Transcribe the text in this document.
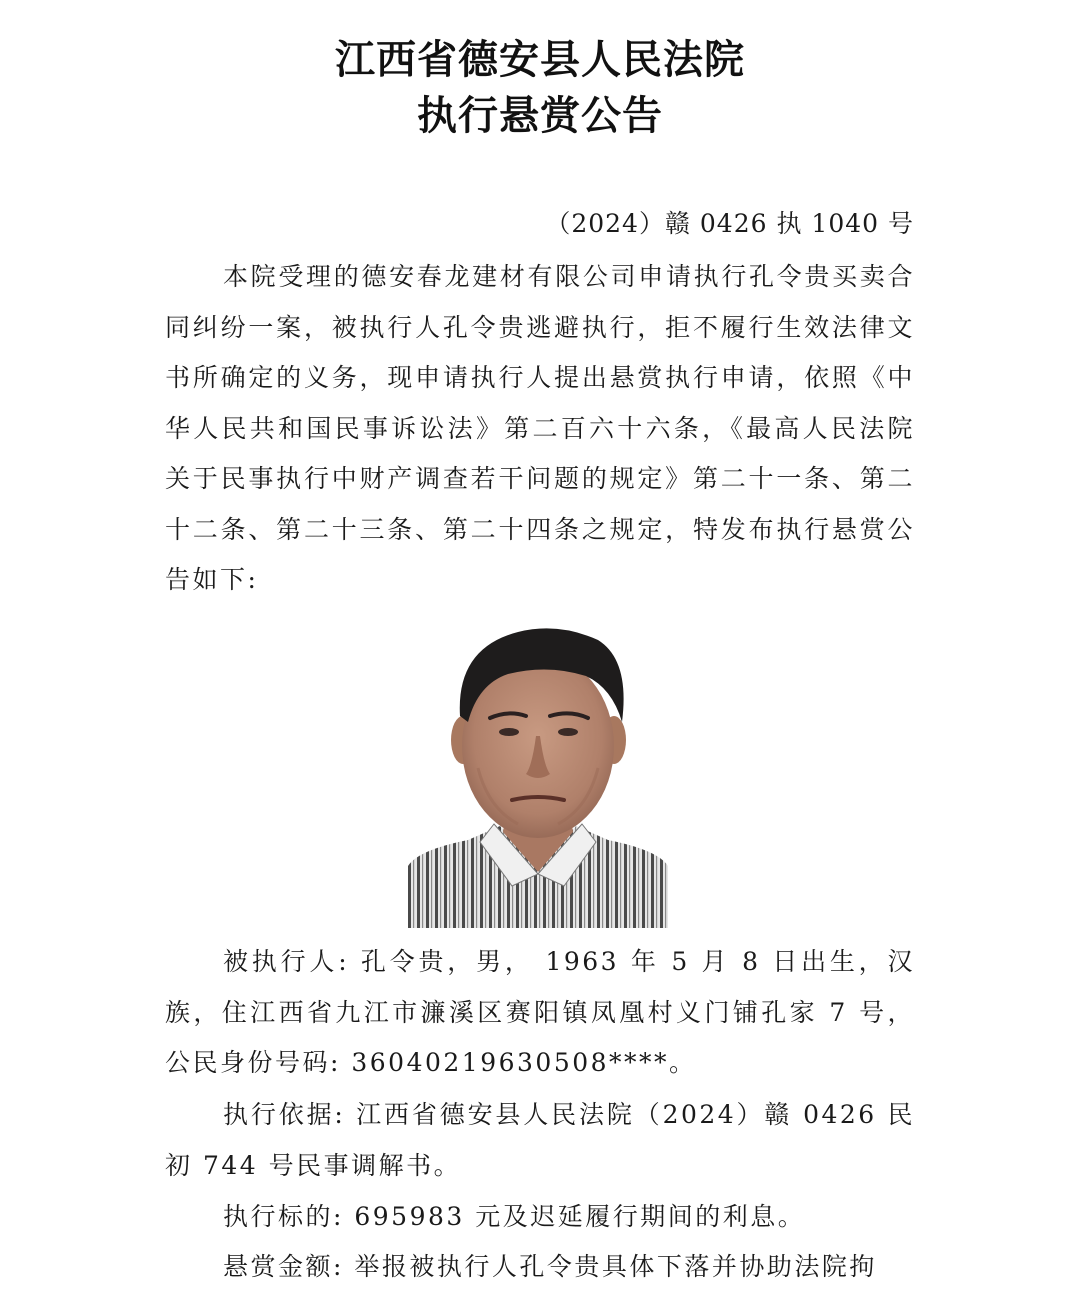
江西省德安县人民法院
执行悬赏公告
（2024）赣 0426 执 1040 号

本院受理的德安春龙建材有限公司申请执行孔令贵买卖合同纠纷一案，被执行人孔令贵逃避执行，拒不履行生效法律文书所确定的义务，现申请执行人提出悬赏执行申请，依照《中华人民共和国民事诉讼法》第二百六十六条，《最高人民法院关于民事执行中财产调查若干问题的规定》第二十一条、第二十二条、第二十三条、第二十四条之规定，特发布执行悬赏公告如下:

被执行人: 孔令贵，男， 1963 年 5 月 8 日出生，汉族，住江西省九江市濂溪区赛阳镇凤凰村义门铺孔家 7 号，公民身份号码: 36040219630508****。

执行依据: 江西省德安县人民法院（2024）赣 0426 民初 744 号民事调解书。

执行标的: 695983 元及迟延履行期间的利息。

悬赏金额: 举报被执行人孔令贵具体下落并协助法院拘
